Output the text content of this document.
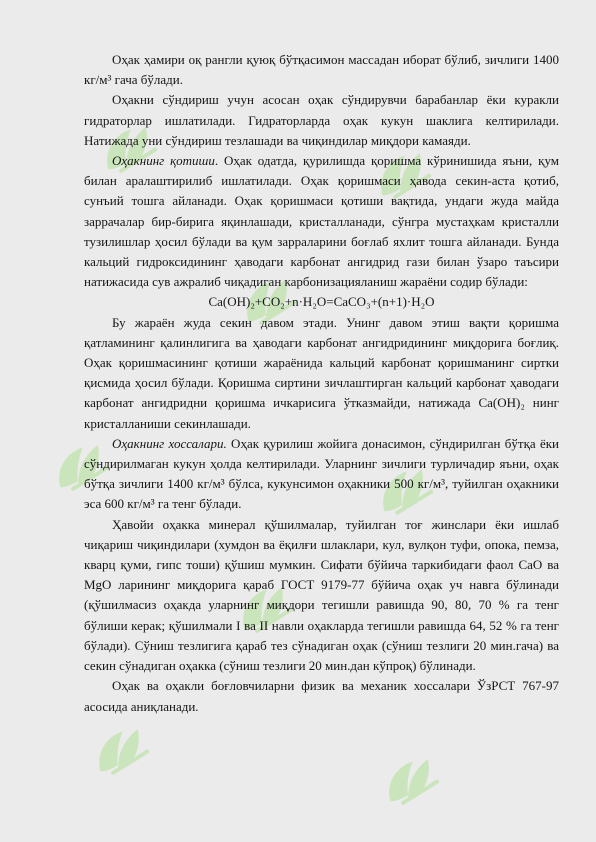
Оҳак ҳамири оқ рангли қуюқ бўтқасимон массадан иборат бўлиб, зичлиги 1400 кг/м³ гача бўлади.

Оҳакни сўндириш учун асосан оҳак сўндирувчи барабанлар ёки куракли гидраторлар ишлатилади. Гидраторларда оҳак кукун шаклига келтирилади. Натижада уни сўндириш тезлашади ва чиқиндилар миқдори камаяди.

Оҳакнинг қотиши. Оҳак одатда, қурилишда қоришма кўринишида яъни, қум билан аралаштирилиб ишлатилади. Оҳак қоришмаси ҳавода секин-аста қотиб, сунъий тошга айланади. Оҳак қоришмаси қотиши вақтида, ундаги жуда майда заррачалар бир-бирига яқинлашади, кристалланади, сўнгра мустаҳкам кристалли тузилишлар ҳосил бўлади ва қум зарраларини боғлаб яхлит тошга айланади. Бунда кальций гидроксидининг ҳаводаги карбонат ангидрид гази билан ўзаро таъсири натижасида сув ажралиб чиқадиган карбонизацияланиш жараёни содир бўлади:

Ca(OH)₂+CO₂+n·H₂O=CaCO₃+(n+1)·H₂O

Бу жараён жуда секин давом этади. Унинг давом этиш вақти қоришма қатламининг қалинлигига ва ҳаводаги карбонат ангидридининг миқдорига боғлиқ. Оҳак қоришмасининг қотиши жараёнида кальций карбонат қоришманинг сиртки қисмида ҳосил бўлади. Қоришма сиртини зичлаштирган кальций карбонат ҳаводаги карбонат ангидридни қоришма ичкарисига ўтказмайди, натижада Ca(OH)₂ нинг кристалланиши секинлашади.

Оҳакнинг хоссалари. Оҳак қурилиш жойига донасимон, сўндирилган бўтқа ёки сўндирилмаган кукун ҳолда келтирилади. Уларнинг зичлиги турличадир яъни, оҳак бўтқа зичлиги 1400 кг/м³ бўлса, кукунсимон оҳакники 500 кг/м³, туйилган оҳакники эса 600 кг/м³ га тенг бўлади.

Ҳавойи оҳакка минерал қўшилмалар, туйилган тоғ жинслари ёки ишлаб чиқариш чиқиндилари (хумдон ва ёқилғи шлаклари, кул, вулқон туфи, опока, пемза, кварц қуми, гипс тоши) қўшиш мумкин. Сифати бўйича таркибидаги фаол СаО ва MgO ларининг миқдорига қараб ГОСТ 9179-77 бўйича оҳак уч навга бўлинади (қўшилмасиз оҳакда уларнинг миқдори тегишли равишда 90, 80, 70 % га тенг бўлиши керак; қўшилмали I ва II навли оҳакларда тегишли равишда 64, 52 % га тенг бўлади). Сўниш тезлигига қараб тез сўнадиган оҳак (сўниш тезлиги 20 мин.гача) ва секин сўнадиган оҳакка (сўниш тезлиги 20 мин.дан кўпроқ) бўлинади.

Оҳак ва оҳакли боғловчиларни физик ва механик хоссалари ЎзРСТ 767-97 асосида аниқланади.
